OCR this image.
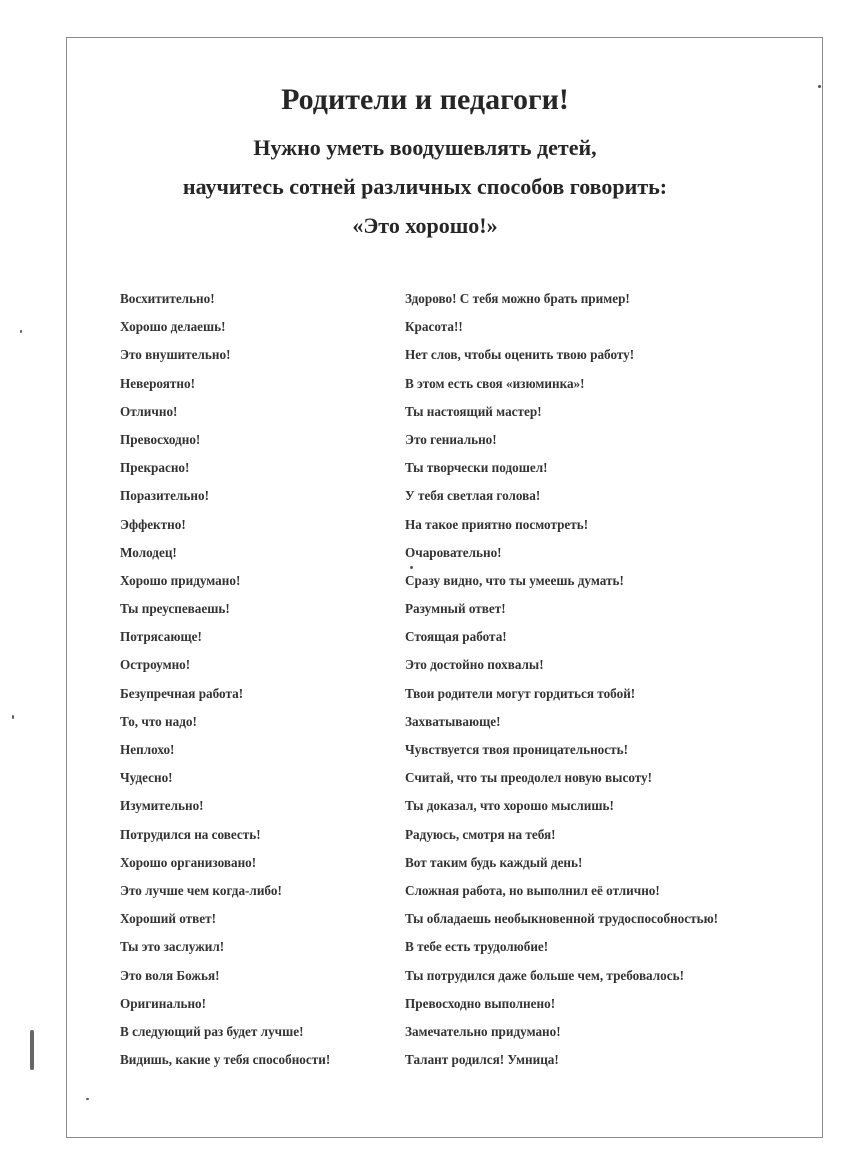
Родители и педагоги!

Нужно уметь воодушевлять детей,

научитесь сотней различных способов говорить:

«Это хорошо!»

Восхитительно!
Хорошо делаешь!
Это внушительно!
Невероятно!
Отлично!
Превосходно!
Прекрасно!
Поразительно!
Эффектно!
Молодец!
Хорошо придумано!
Ты преуспеваешь!
Потрясающе!
Остроумно!
Безупречная работа!
То, что надо!
Неплохо!
Чудесно!
Изумительно!
Потрудился на совесть!
Хорошо организовано!
Это лучше чем когда-либо!
Хороший ответ!
Ты это заслужил!
Это воля Божья!
Оригинально!
В следующий раз будет лучше!
Видишь, какие у тебя способности!
Здорово! С тебя можно брать пример!
Красота!!
Нет слов, чтобы оценить твою работу!
В этом есть своя «изюминка»!
Ты настоящий мастер!
Это гениально!
Ты творчески подошел!
У тебя светлая голова!
На такое приятно посмотреть!
Очаровательно!
Сразу видно, что ты умеешь думать!
Разумный ответ!
Стоящая работа!
Это достойно похвалы!
Твои родители могут гордиться тобой!
Захватывающе!
Чувствуется твоя проницательность!
Считай, что ты преодолел новую высоту!
Ты доказал, что хорошо мыслишь!
Радуюсь, смотря на тебя!
Вот таким будь каждый день!
Сложная работа, но выполнил её отлично!
Ты обладаешь необыкновенной трудоспособностью!
В тебе есть трудолюбие!
Ты потрудился даже больше чем, требовалось!
Превосходно выполнено!
Замечательно придумано!
Талант родился! Умница!
